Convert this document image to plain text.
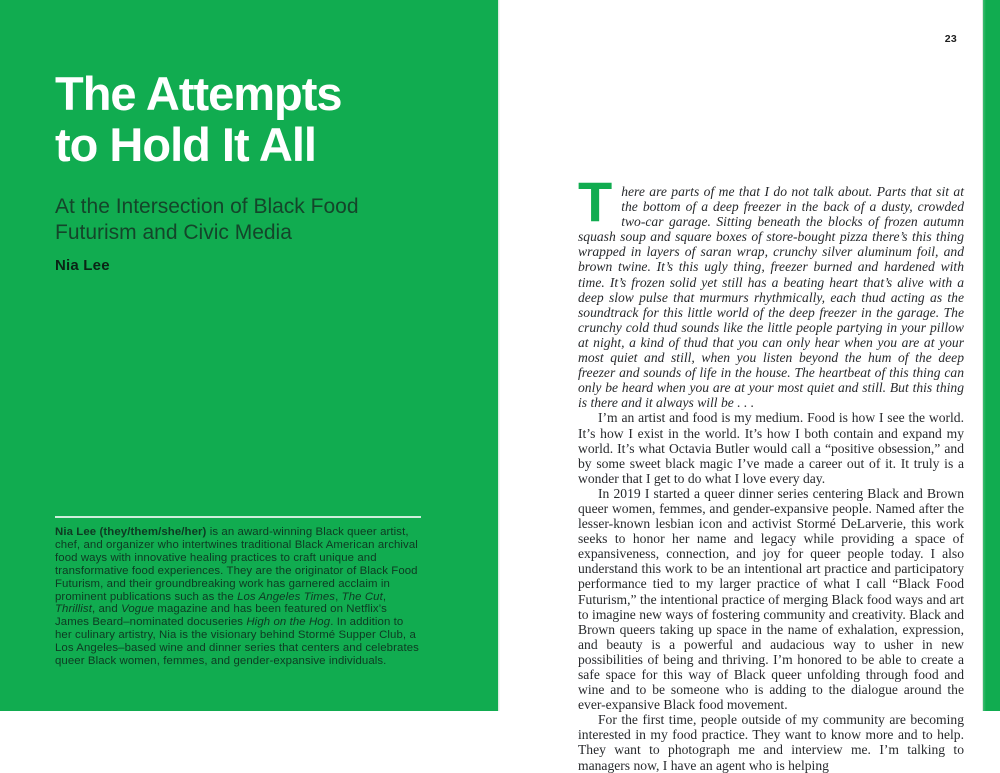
The Attempts
to Hold It All
At the Intersection of Black Food
Futurism and Civic Media
Nia Lee

Nia Lee (they/them/she/her) is an award-winning Black queer artist, chef, and organizer who intertwines traditional Black American archival food ways with innovative healing practices to craft unique and transformative food experiences. They are the originator of Black Food Futurism, and their groundbreaking work has garnered acclaim in prominent publications such as the Los Angeles Times, The Cut, Thrillist, and Vogue magazine and has been featured on Netflix’s James Beard–nominated docuseries High on the Hog. In addition to her culinary artistry, Nia is the visionary behind Stormé Supper Club, a Los Angeles–based wine and dinner series that centers and celebrates queer Black women, femmes, and gender-expansive individuals.

23

There are parts of me that I do not talk about. Parts that sit at the bottom of a deep freezer in the back of a dusty, crowded two-car garage. Sitting beneath the blocks of frozen autumn squash soup and square boxes of store-bought pizza there’s this thing wrapped in layers of saran wrap, crunchy silver aluminum foil, and brown twine. It’s this ugly thing, freezer burned and hardened with time. It’s frozen solid yet still has a beating heart that’s alive with a deep slow pulse that murmurs rhythmically, each thud acting as the soundtrack for this little world of the deep freezer in the garage. The crunchy cold thud sounds like the little people partying in your pillow at night, a kind of thud that you can only hear when you are at your most quiet and still, when you listen beyond the hum of the deep freezer and sounds of life in the house. The heartbeat of this thing can only be heard when you are at your most quiet and still. But this thing is there and it always will be . . .

I’m an artist and food is my medium. Food is how I see the world. It’s how I exist in the world. It’s how I both contain and expand my world. It’s what Octavia Butler would call a “positive obsession,” and by some sweet black magic I’ve made a career out of it. It truly is a wonder that I get to do what I love every day.

In 2019 I started a queer dinner series centering Black and Brown queer women, femmes, and gender-expansive people. Named after the lesser-known lesbian icon and activist Stormé DeLarverie, this work seeks to honor her name and legacy while providing a space of expansiveness, connection, and joy for queer people today. I also understand this work to be an intentional art practice and participatory performance tied to my larger practice of what I call “Black Food Futurism,” the intentional practice of merging Black food ways and art to imagine new ways of fostering community and creativity. Black and Brown queers taking up space in the name of exhalation, expression, and beauty is a powerful and audacious way to usher in new possibilities of being and thriving. I’m honored to be able to create a safe space for this way of Black queer unfolding through food and wine and to be someone who is adding to the dialogue around the ever-expansive Black food movement.

For the first time, people outside of my community are becoming interested in my food practice. They want to know more and to help. They want to photograph me and interview me. I’m talking to managers now, I have an agent who is helping
